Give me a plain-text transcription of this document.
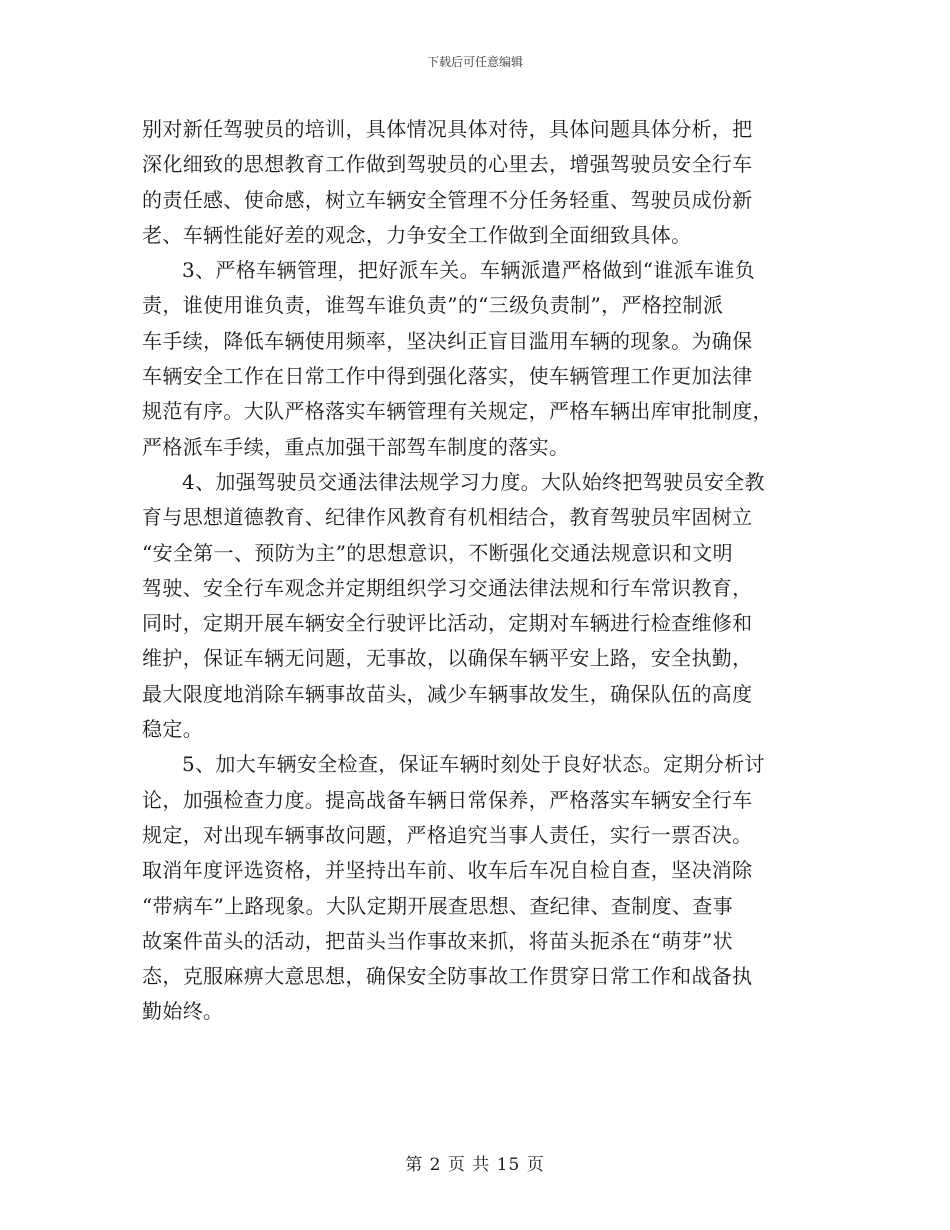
下载后可任意编辑
别对新任驾驶员的培训，具体情况具体对待，具体问题具体分析，把
深化细致的思想教育工作做到驾驶员的心里去，增强驾驶员安全行车
的责任感、使命感，树立车辆安全管理不分任务轻重、驾驶员成份新
老、车辆性能好差的观念，力争安全工作做到全面细致具体。
3、严格车辆管理，把好派车关。车辆派遣严格做到“谁派车谁负
责，谁使用谁负责，谁驾车谁负责”的“三级负责制”，严格控制派
车手续，降低车辆使用频率，坚决纠正盲目滥用车辆的现象。为确保
车辆安全工作在日常工作中得到强化落实，使车辆管理工作更加法律
规范有序。大队严格落实车辆管理有关规定，严格车辆出库审批制度，
严格派车手续，重点加强干部驾车制度的落实。
4、加强驾驶员交通法律法规学习力度。大队始终把驾驶员安全教
育与思想道德教育、纪律作风教育有机相结合，教育驾驶员牢固树立
“安全第一、预防为主”的思想意识，不断强化交通法规意识和文明
驾驶、安全行车观念并定期组织学习交通法律法规和行车常识教育，
同时，定期开展车辆安全行驶评比活动，定期对车辆进行检查维修和
维护，保证车辆无问题，无事故，以确保车辆平安上路，安全执勤，
最大限度地消除车辆事故苗头，减少车辆事故发生，确保队伍的高度
稳定。
5、加大车辆安全检查，保证车辆时刻处于良好状态。定期分析讨
论，加强检查力度。提高战备车辆日常保养，严格落实车辆安全行车
规定，对出现车辆事故问题，严格追究当事人责任，实行一票否决。
取消年度评选资格，并坚持出车前、收车后车况自检自查，坚决消除
“带病车”上路现象。大队定期开展查思想、查纪律、查制度、查事
故案件苗头的活动，把苗头当作事故来抓，将苗头扼杀在“萌芽”状
态，克服麻痹大意思想，确保安全防事故工作贯穿日常工作和战备执
勤始终。
第 2 页 共 15 页
